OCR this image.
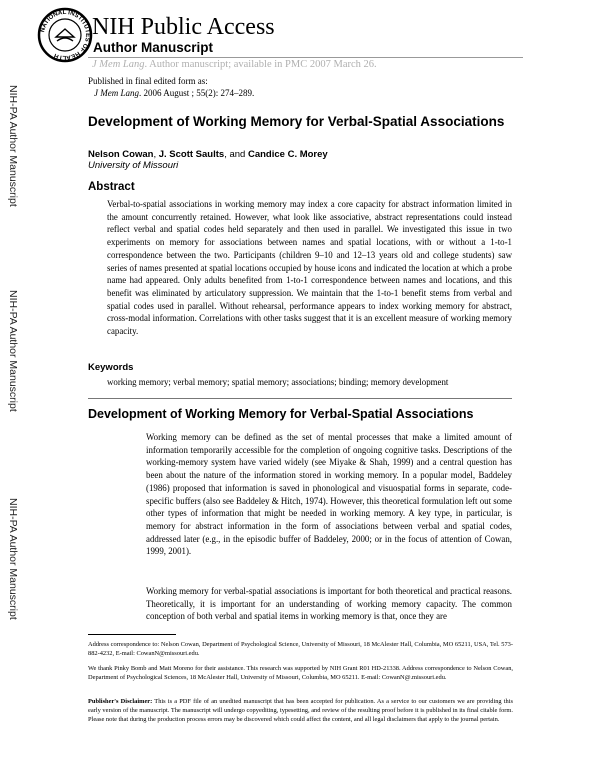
NATIONAL INSTITUTES OF HEALTH
NIH Public Access
Author Manuscript
J Mem Lang. Author manuscript; available in PMC 2007 March 26.
Published in final edited form as:
J Mem Lang. 2006 August ; 55(2): 274–289.
NIH-PA Author Manuscript
NIH-PA Author Manuscript
NIH-PA Author Manuscript
Development of Working Memory for Verbal-Spatial Associations
Nelson Cowan, J. Scott Saults, and Candice C. Morey
University of Missouri
Abstract

Verbal-to-spatial associations in working memory may index a core capacity for abstract information limited in the amount concurrently retained. However, what look like associative, abstract representations could instead reflect verbal and spatial codes held separately and then used in parallel. We investigated this issue in two experiments on memory for associations between names and spatial locations, with or without a 1-to-1 correspondence between the two. Participants (children 9–10 and 12–13 years old and college students) saw series of names presented at spatial locations occupied by house icons and indicated the location at which a probe name had appeared. Only adults benefited from 1-to-1 correspondence between names and locations, and this benefit was eliminated by articulatory suppression. We maintain that the 1-to-1 benefit stems from verbal and spatial codes used in parallel. Without rehearsal, performance appears to index working memory for abstract, cross-modal information. Correlations with other tasks suggest that it is an excellent measure of working memory capacity.

Keywords
working memory; verbal memory; spatial memory; associations; binding; memory development
Development of Working Memory for Verbal-Spatial Associations

Working memory can be defined as the set of mental processes that make a limited amount of information temporarily accessible for the completion of ongoing cognitive tasks. Descriptions of the working-memory system have varied widely (see Miyake & Shah, 1999) and a central question has been about the nature of the information stored in working memory. In a popular model, Baddeley (1986) proposed that information is saved in phonological and visuospatial forms in separate, code-specific buffers (also see Baddeley & Hitch, 1974). However, this theoretical formulation left out some other types of information that might be needed in working memory. A key type, in particular, is memory for abstract information in the form of associations between verbal and spatial codes, addressed later (e.g., in the episodic buffer of Baddeley, 2000; or in the focus of attention of Cowan, 1999, 2001).

Working memory for verbal-spatial associations is important for both theoretical and practical reasons. Theoretically, it is important for an understanding of working memory capacity. The common conception of both verbal and spatial items in working memory is that, once they are

Address correspondence to: Nelson Cowan, Department of Psychological Science, University of Missouri, 18 McAlester Hall, Columbia, MO 65211, USA, Tel. 573-882-4232, E-mail: CowanN@missouri.edu.

We thank Pinky Bomb and Matt Moreno for their assistance. This research was supported by NIH Grant R01 HD-21338. Address correspondence to Nelson Cowan, Department of Psychological Sciences, 18 McAlester Hall, University of Missouri, Columbia, MO 65211. E-mail: CowanN@.missouri.edu.

Publisher's Disclaimer: This is a PDF file of an unedited manuscript that has been accepted for publication. As a service to our customers we are providing this early version of the manuscript. The manuscript will undergo copyediting, typesetting, and review of the resulting proof before it is published in its final citable form. Please note that during the production process errors may be discovered which could affect the content, and all legal disclaimers that apply to the journal pertain.
